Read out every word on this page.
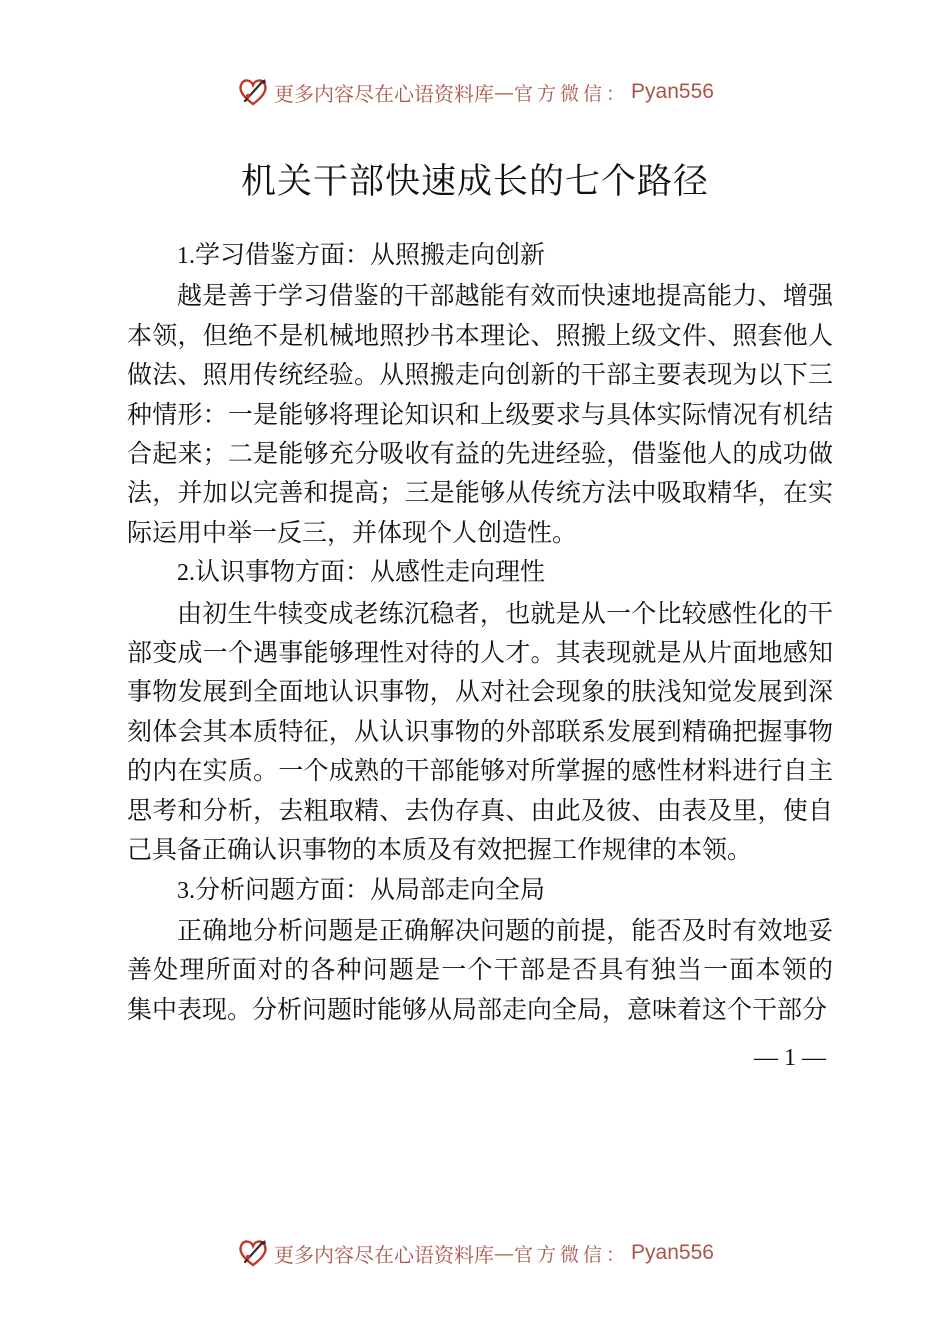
更多内容尽在心语资料库 — 官方微信： Pyan556
机关干部快速成长的七个路径

1.学习借鉴方面：从照搬走向创新

越是善于学习借鉴的干部越能有效而快速地提高能力、增强本领，但绝不是机械地照抄书本理论、照搬上级文件、照套他人做法、照用传统经验。从照搬走向创新的干部主要表现为以下三种情形：一是能够将理论知识和上级要求与具体实际情况有机结合起来；二是能够充分吸收有益的先进经验，借鉴他人的成功做法，并加以完善和提高；三是能够从传统方法中吸取精华，在实际运用中举一反三，并体现个人创造性。

2.认识事物方面：从感性走向理性

由初生牛犊变成老练沉稳者，也就是从一个比较感性化的干部变成一个遇事能够理性对待的人才。其表现就是从片面地感知事物发展到全面地认识事物，从对社会现象的肤浅知觉发展到深刻体会其本质特征，从认识事物的外部联系发展到精确把握事物的内在实质。一个成熟的干部能够对所掌握的感性材料进行自主思考和分析，去粗取精、去伪存真、由此及彼、由表及里，使自己具备正确认识事物的本质及有效把握工作规律的本领。

3.分析问题方面：从局部走向全局

正确地分析问题是正确解决问题的前提，能否及时有效地妥善处理所面对的各种问题是一个干部是否具有独当一面本领的 集中表现。分析问题时能够从局部走向全局，意味着这个干部分

— 1 —
更多内容尽在心语资料库 — 官方微信： Pyan556
